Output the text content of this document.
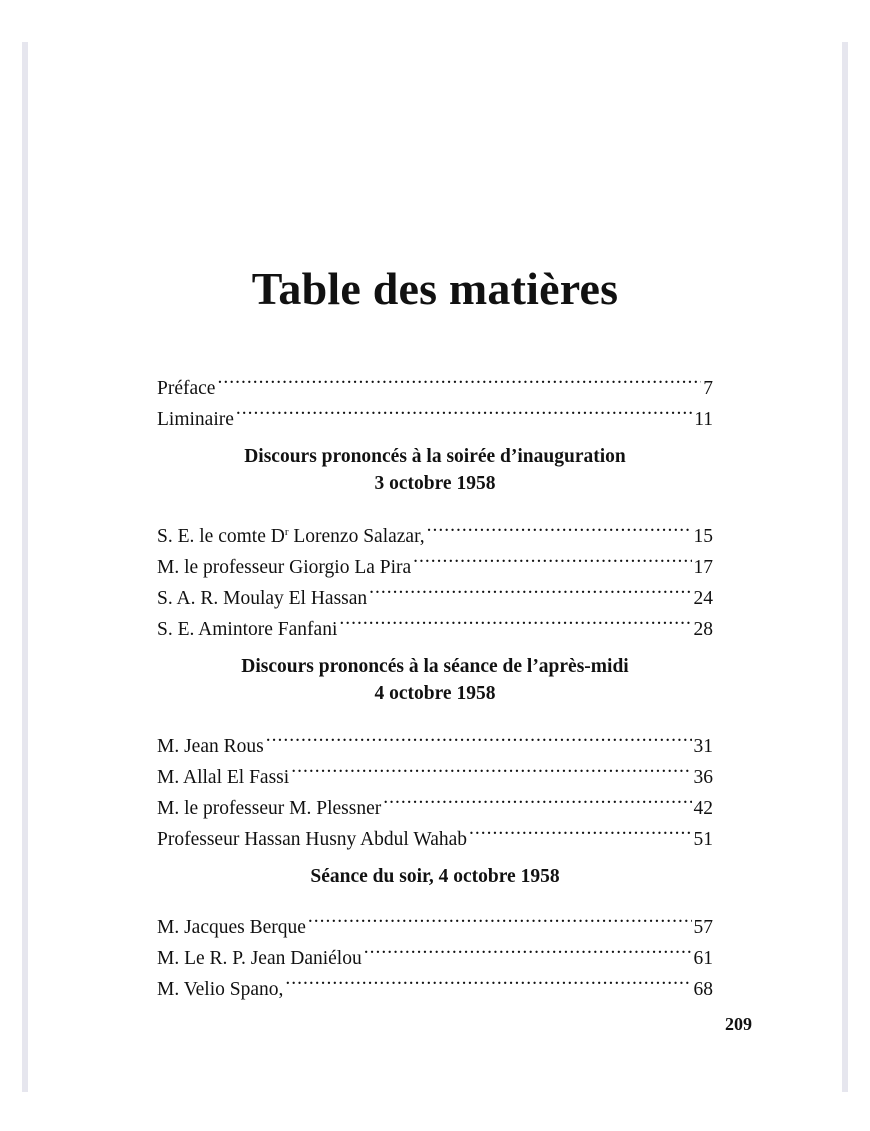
Table des matières
Préface .....	7
Liminaire .....	11
Discours prononcés à la soirée d’inauguration
3 octobre 1958
S. E. le comte $D^r$ Lorenzo Salazar, .....	15
M. le professeur Giorgio La Pira .....	17
S. A. R. Moulay El Hassan .....	24
S. E. Amintore Fanfani .....	28
Discours prononcés à la séance de l’après-midi
4 octobre 1958
M. Jean Rous .....	31
M. Allal El Fassi .....	36
M. le professeur M. Plessner .....	42
Professeur Hassan Husny Abdul Wahab .....	51
Séance du soir, 4 octobre 1958
M. Jacques Berque .....	57
M. Le R. P. Jean Daniélou .....	61
M. Velio Spano, .....	68
209
